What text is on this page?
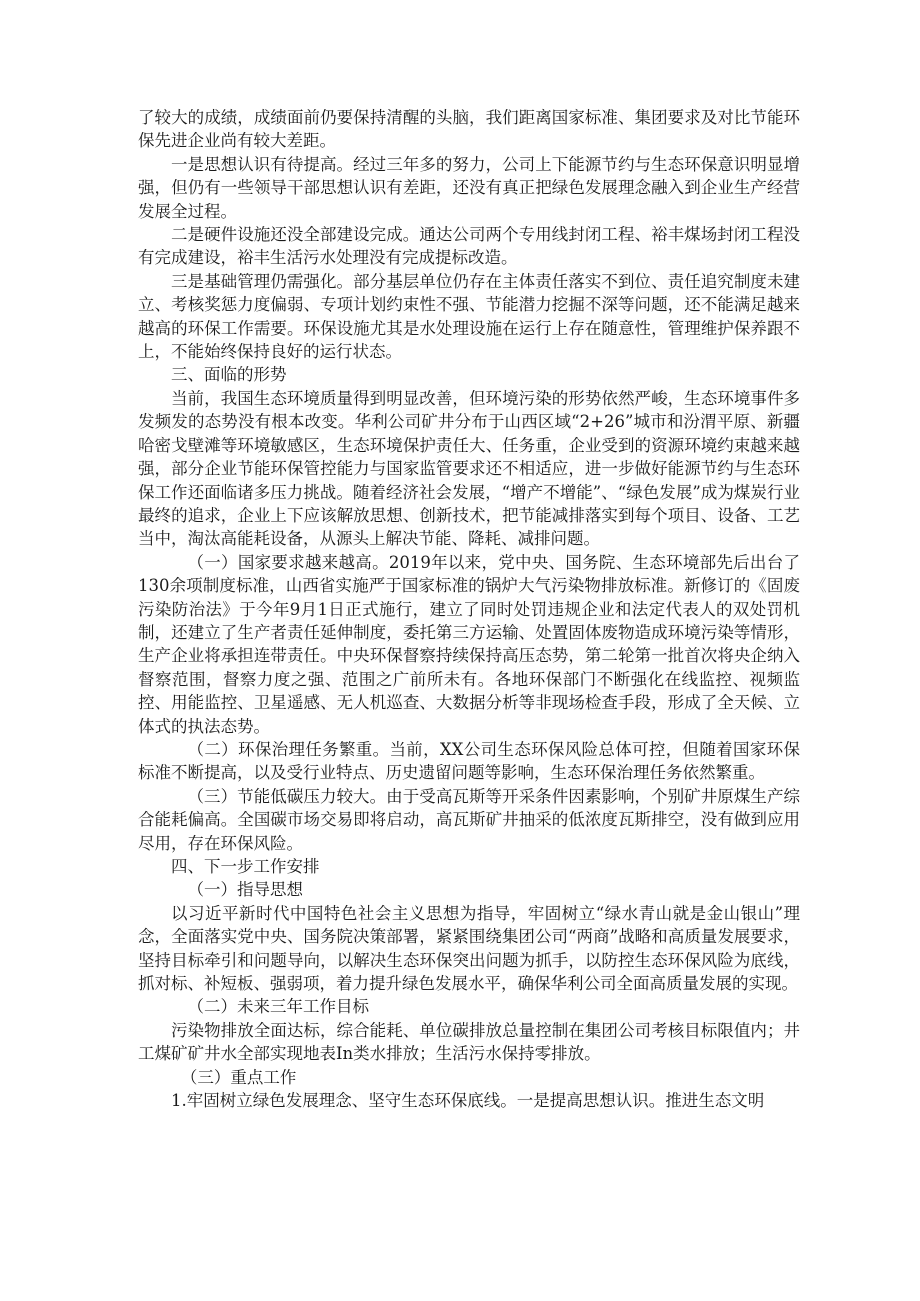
了较大的成绩，成绩面前仍要保持清醒的头脑，我们距离国家标准、集团要求及对比节能环保先进企业尚有较大差距。

一是思想认识有待提高。经过三年多的努力，公司上下能源节约与生态环保意识明显增强，但仍有一些领导干部思想认识有差距，还没有真正把绿色发展理念融入到企业生产经营发展全过程。

二是硬件设施还没全部建设完成。通达公司两个专用线封闭工程、裕丰煤场封闭工程没有完成建设，裕丰生活污水处理没有完成提标改造。

三是基础管理仍需强化。部分基层单位仍存在主体责任落实不到位、责任追究制度未建立、考核奖惩力度偏弱、专项计划约束性不强、节能潜力挖掘不深等问题，还不能满足越来越高的环保工作需要。环保设施尤其是水处理设施在运行上存在随意性，管理维护保养跟不上，不能始终保持良好的运行状态。

三、面临的形势

当前，我国生态环境质量得到明显改善，但环境污染的形势依然严峻，生态环境事件多发频发的态势没有根本改变。华利公司矿井分布于山西区域“2+26”城市和汾渭平原、新疆哈密戈壁滩等环境敏感区，生态环境保护责任大、任务重，企业受到的资源环境约束越来越强，部分企业节能环保管控能力与国家监管要求还不相适应，进一步做好能源节约与生态环保工作还面临诸多压力挑战。随着经济社会发展，“增产不增能”、“绿色发展”成为煤炭行业最终的追求，企业上下应该解放思想、创新技术，把节能减排落实到每个项目、设备、工艺当中，淘汰高能耗设备，从源头上解决节能、降耗、减排问题。

（一）国家要求越来越高。2019年以来，党中央、国务院、生态环境部先后出台了130余项制度标准，山西省实施严于国家标准的锅炉大气污染物排放标准。新修订的《固废污染防治法》于今年9月1日正式施行，建立了同时处罚违规企业和法定代表人的双处罚机制，还建立了生产者责任延伸制度，委托第三方运输、处置固体废物造成环境污染等情形，生产企业将承担连带责任。中央环保督察持续保持高压态势，第二轮第一批首次将央企纳入督察范围，督察力度之强、范围之广前所未有。各地环保部门不断强化在线监控、视频监控、用能监控、卫星遥感、无人机巡查、大数据分析等非现场检查手段，形成了全天候、立体式的执法态势。

（二）环保治理任务繁重。当前，XX公司生态环保风险总体可控，但随着国家环保标准不断提高，以及受行业特点、历史遗留问题等影响，生态环保治理任务依然繁重。

（三）节能低碳压力较大。由于受高瓦斯等开采条件因素影响，个别矿井原煤生产综合能耗偏高。全国碳市场交易即将启动，高瓦斯矿井抽采的低浓度瓦斯排空，没有做到应用尽用，存在环保风险。

四、下一步工作安排

（一）指导思想

以习近平新时代中国特色社会主义思想为指导，牢固树立“绿水青山就是金山银山”理念，全面落实党中央、国务院决策部署，紧紧围绕集团公司“两商”战略和高质量发展要求，坚持目标牵引和问题导向，以解决生态环保突出问题为抓手，以防控生态环保风险为底线，抓对标、补短板、强弱项，着力提升绿色发展水平，确保华利公司全面高质量发展的实现。

（二）未来三年工作目标

污染物排放全面达标，综合能耗、单位碳排放总量控制在集团公司考核目标限值内；井工煤矿矿井水全部实现地表In类水排放；生活污水保持零排放。

（三）重点工作

1.牢固树立绿色发展理念、坚守生态环保底线。一是提高思想认识。推进生态文明
